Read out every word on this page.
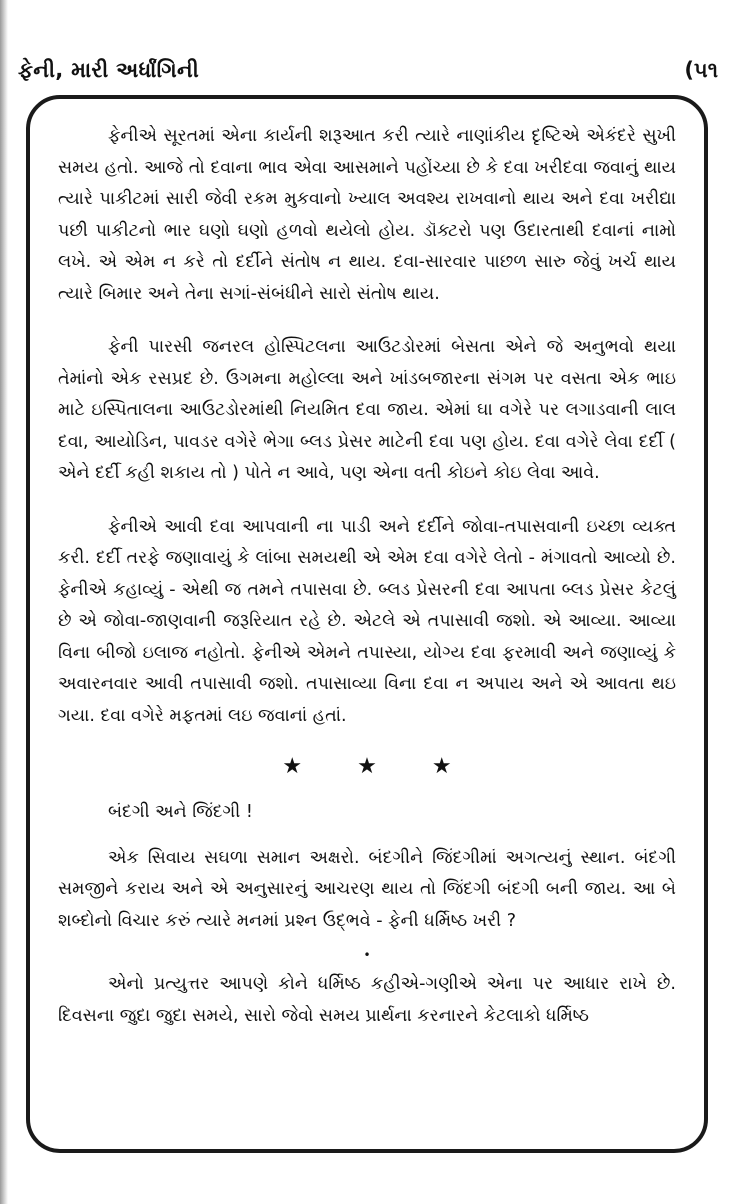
ફેની, મારી અર્ધાંગિની	(૫૧

ફેનીએ સૂરતમાં એના કાર્યની શરૂઆત કરી ત્યારે નાણાંકીય દૃષ્ટિએ એકંદરે સુખી સમય હતો. આજે તો દવાના ભાવ એવા આસમાને પહોંચ્યા છે કે દવા ખરીદવા જવાનું થાય ત્યારે પાકીટમાં સારી જેવી રકમ મુકવાનો ખ્યાલ અવશ્ય રાખવાનો થાય અને દવા ખરીદ્યા પછી પાકીટનો ભાર ઘણો ઘણો હળવો થયેલો હોય. ડૉક્ટરો પણ ઉદારતાથી દવાનાં નામો લખે. એ એમ ન કરે તો દર્દીને સંતોષ ન થાય. દવા-સારવાર પાછળ સારુ જેવું ખર્ચ થાય ત્યારે બિમાર અને તેના સગાં-સંબંધીને સારો સંતોષ થાય.

ફેની પારસી જનરલ હોસ્પિટલના આઉટડોરમાં બેસતા એને જે અનુભવો થયા તેમાંનો એક રસપ્રદ છે. ઉગમના મહોલ્લા અને ખાંડબજારના સંગમ પર વસતા એક ભાઇ માટે ઇસ્પિતાલના આઉટડોરમાંથી નિયમિત દવા જાય. એમાં ઘા વગેરે પર લગાડવાની લાલ દવા, આયોડિન, પાવડર વગેરે ભેગા બ્લડ પ્રેસર માટેની દવા પણ હોય. દવા વગેરે લેવા દર્દી ( એને દર્દી કહી શકાય તો ) પોતે ન આવે, પણ એના વતી કોઇને કોઇ લેવા આવે.

ફેનીએ આવી દવા આપવાની ના પાડી અને દર્દીને જોવા-તપાસવાની ઇચ્છા વ્યક્ત કરી. દર્દી તરફે જણાવાયું કે લાંબા સમયથી એ એમ દવા વગેરે લેતો - મંગાવતો આવ્યો છે. ફેનીએ કહાવ્યું - એથી જ તમને તપાસવા છે. બ્લડ પ્રેસરની દવા આપતા બ્લડ પ્રેસર કેટલું છે એ જોવા-જાણવાની જરૂરિયાત રહે છે. એટલે એ તપાસાવી જશો. એ આવ્યા. આવ્યા વિના બીજો ઇલાજ નહોતો. ફેનીએ એમને તપાસ્યા, યોગ્ય દવા ફરમાવી અને જણાવ્યું કે અવારનવાર આવી તપાસાવી જશો. તપાસાવ્યા વિના દવા ન અપાય અને એ આવતા થઇ ગયા. દવા વગેરે મફતમાં લઇ જવાનાં હતાં.

★ ★ ★
બંદગી અને જિંદગી !

એક સિવાય સઘળા સમાન અક્ષરો. બંદગીને જિંદગીમાં અગત્યનું સ્થાન. બંદગી સમજીને કરાય અને એ અનુસારનું આચરણ થાય તો જિંદગી બંદગી બની જાય. આ બે શબ્દોનો વિચાર કરું ત્યારે મનમાં પ્રશ્ન ઉદ્ભવે - ફેની ધર્મિષ્ઠ ખરી ?

•

એનો પ્રત્યુત્તર આપણે કોને ધર્મિષ્ઠ કહીએ-ગણીએ એના પર આધાર રાખે છે. દિવસના જુદા જુદા સમયે, સારો જેવો સમય પ્રાર્થના કરનારને કેટલાકો ધર્મિષ્ઠ
